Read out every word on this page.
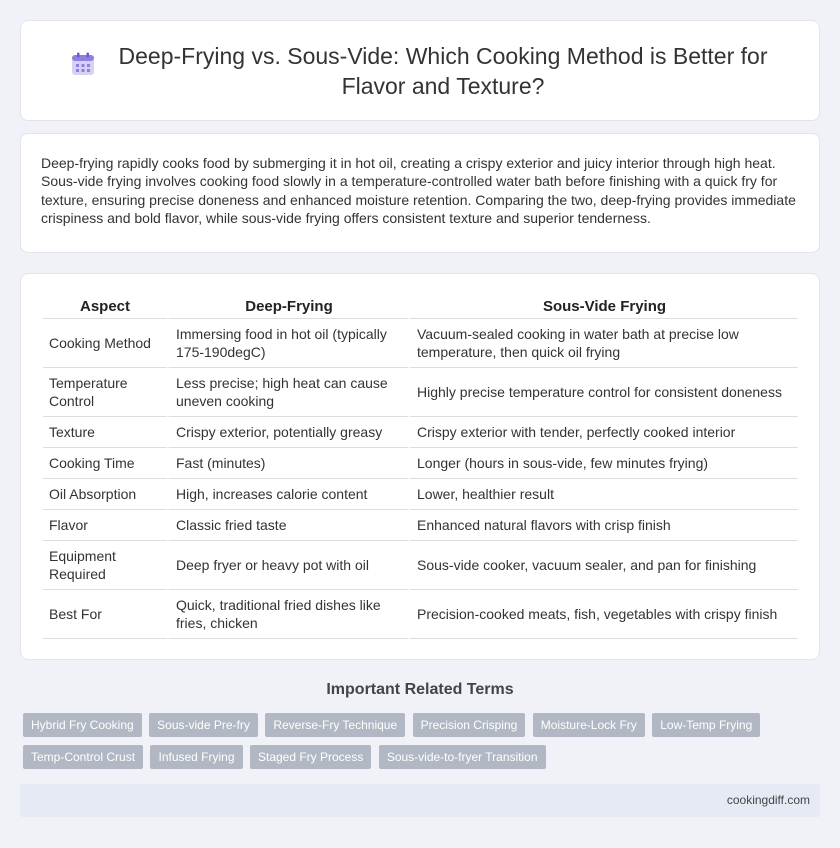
Deep-Frying vs. Sous-Vide: Which Cooking Method is Better for Flavor and Texture?

Deep-frying rapidly cooks food by submerging it in hot oil, creating a crispy exterior and juicy interior through high heat. Sous-vide frying involves cooking food slowly in a temperature-controlled water bath before finishing with a quick fry for texture, ensuring precise doneness and enhanced moisture retention. Comparing the two, deep-frying provides immediate crispiness and bold flavor, while sous-vide frying offers consistent texture and superior tenderness.

Aspect	Deep-Frying	Sous-Vide Frying
Cooking Method	Immersing food in hot oil (typically 175-190degC)	Vacuum-sealed cooking in water bath at precise low temperature, then quick oil frying
Temperature Control	Less precise; high heat can cause uneven cooking	Highly precise temperature control for consistent doneness
Texture	Crispy exterior, potentially greasy	Crispy exterior with tender, perfectly cooked interior
Cooking Time	Fast (minutes)	Longer (hours in sous-vide, few minutes frying)
Oil Absorption	High, increases calorie content	Lower, healthier result
Flavor	Classic fried taste	Enhanced natural flavors with crisp finish
Equipment Required	Deep fryer or heavy pot with oil	Sous-vide cooker, vacuum sealer, and pan for finishing
Best For	Quick, traditional fried dishes like fries, chicken	Precision-cooked meats, fish, vegetables with crispy finish
Important Related Terms
Hybrid Fry Cooking Sous-vide Pre-fry Reverse-Fry Technique Precision Crisping Moisture-Lock Fry Low-Temp Frying Temp-Control Crust Infused Frying Staged Fry Process Sous-vide-to-fryer Transition
cookingdiff.com
